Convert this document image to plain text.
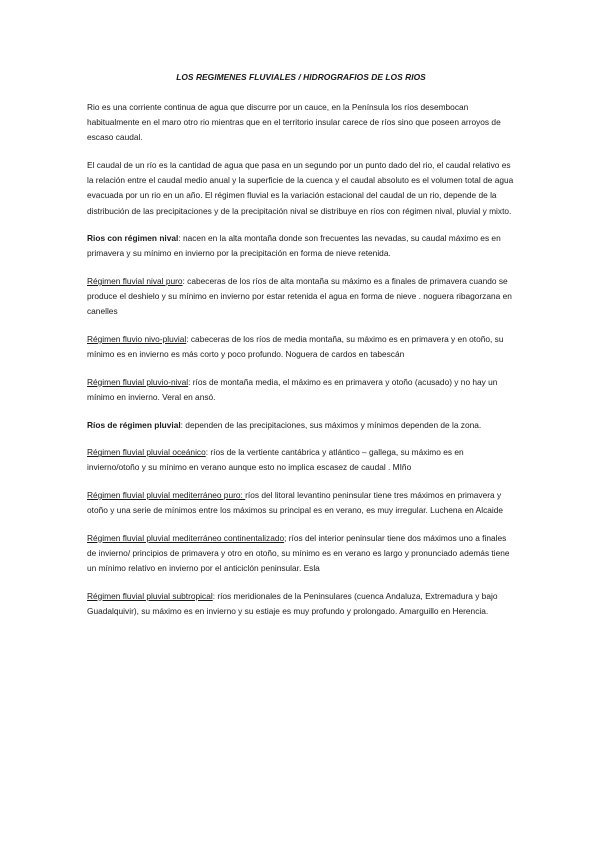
LOS REGIMENES FLUVIALES / HIDROGRAFIOS DE LOS RIOS

Rio es una corriente continua de agua que discurre por un cauce, en la Península los ríos desembocan habitualmente en el maro otro rio mientras que en el territorio insular carece de ríos sino que poseen arroyos de escaso caudal.

El caudal de un río es la cantidad de agua que pasa en un segundo por un punto dado del rio, el caudal relativo es la relación entre el caudal medio anual y la superficie de la cuenca y el caudal absoluto es el volumen total de agua evacuada por un rio en un año. El régimen fluvial es la variación estacional del caudal de un rio, depende de la distribución de las precipitaciones y de la precipitación nival se distribuye en ríos con régimen nival, pluvial y mixto.

Rios con régimen nival: nacen en la alta montaña donde son frecuentes las nevadas, su caudal máximo es en primavera y su mínimo en invierno por la precipitación en forma de nieve retenida.

Régimen fluvial nival puro: cabeceras de los ríos de alta montaña su máximo es a finales de primavera cuando se produce el deshielo y su mínimo en invierno por estar retenida el agua en forma de nieve . noguera ribagorzana en canelles

Régimen fluvio nivo-pluvial: cabeceras de los ríos de media montaña, su máximo es en primavera y en otoño, su mínimo es en invierno es más corto y poco profundo. Noguera de cardos en tabescán

Régimen fluvial pluvio-nival: ríos de montaña media, el máximo es en primavera y otoño (acusado) y no hay un mínimo en invierno. Veral en ansó.

Ríos de régimen pluvial: dependen de las precipitaciones, sus máximos y mínimos dependen de la zona.

Régimen fluvial pluvial oceánico: ríos de la vertiente cantábrica y atlántico – gallega, su máximo es en invierno/otoño y su mínimo en verano aunque esto no implica escasez de caudal . MIño

Régimen fluvial pluvial mediterráneo puro: ríos del litoral levantino peninsular tiene tres máximos en primavera y otoño y una serie de mínimos entre los máximos su principal es en verano, es muy irregular. Luchena en Alcaide

Régimen fluvial pluvial mediterráneo continentalizado; ríos del interior peninsular tiene dos máximos uno a finales de invierno/ principios de primavera y otro en otoño, su mínimo es en verano es largo y pronunciado además tiene un mínimo relativo en invierno por el anticiclón peninsular. Esla

Régimen fluvial pluvial subtropical: ríos meridionales de la Peninsulares (cuenca Andaluza, Extremadura y bajo Guadalquivir), su máximo es en invierno y su estiaje es muy profundo y prolongado. Amarguillo en Herencia.
